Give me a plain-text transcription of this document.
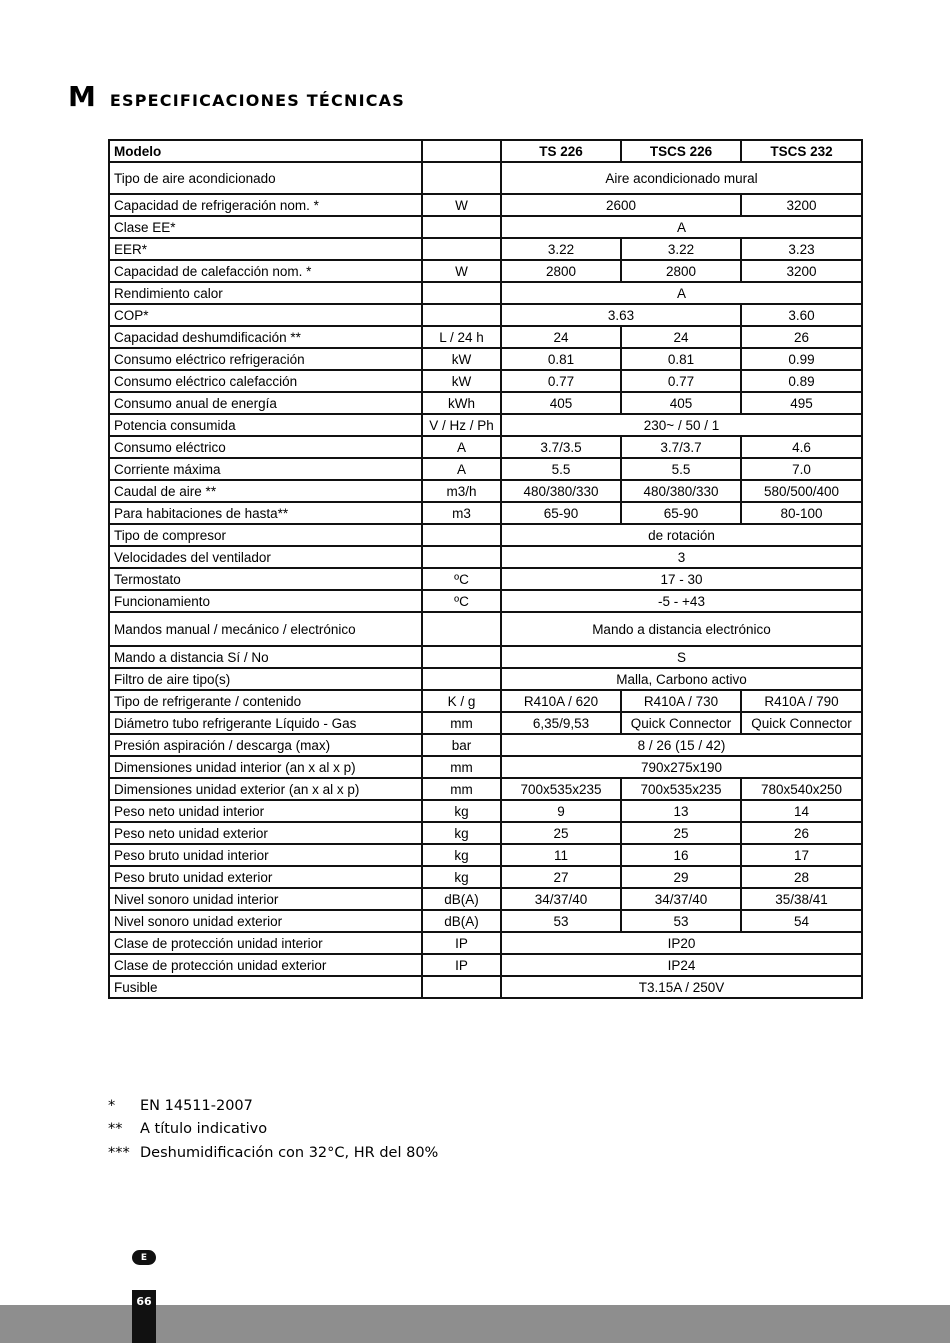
M ESPECIFICACIONES TÉCNICAS
Modelo		TS 226	TSCS 226	TSCS 232
Tipo de aire acondicionado		Aire acondicionado mural		
Capacidad de refrigeración nom. *	W	2600		3200
Clase EE*		A		
EER*		3.22	3.22	3.23
Capacidad de calefacción nom. *	W	2800	2800	3200
Rendimiento calor		A		
COP*		3.63		3.60
Capacidad deshumdificación **	L / 24 h	24	24	26
Consumo eléctrico refrigeración	kW	0.81	0.81	0.99
Consumo eléctrico calefacción	kW	0.77	0.77	0.89
Consumo anual de energía	kWh	405	405	495
Potencia consumida	V / Hz / Ph	230~ / 50 / 1		
Consumo eléctrico	A	3.7/3.5	3.7/3.7	4.6
Corriente máxima	A	5.5	5.5	7.0
Caudal de aire **	m3/h	480/380/330	480/380/330	580/500/400
Para habitaciones de hasta**	m3	65-90	65-90	80-100
Tipo de compresor		de rotación		
Velocidades del ventilador		3		
Termostato	ºC	17 - 30		
Funcionamiento	ºC	-5 - +43		
Mandos manual / mecánico / electrónico		Mando a distancia electrónico		
Mando a distancia Sí / No		S		
Filtro de aire tipo(s)		Malla, Carbono activo		
Tipo de refrigerante / contenido	K / g	R410A / 620	R410A / 730	R410A / 790
Diámetro tubo refrigerante Líquido - Gas	mm	6,35/9,53	Quick Connector	Quick Connector
Presión aspiración / descarga (max)	bar	8 / 26 (15 / 42)		
Dimensiones unidad interior (an x al x p)	mm	790x275x190		
Dimensiones unidad exterior (an x al x p)	mm	700x535x235	700x535x235	780x540x250
Peso neto unidad interior	kg	9	13	14
Peso neto unidad exterior	kg	25	25	26
Peso bruto unidad interior	kg	11	16	17
Peso bruto unidad exterior	kg	27	29	28
Nivel sonoro unidad interior	dB(A)	34/37/40	34/37/40	35/38/41
Nivel sonoro unidad exterior	dB(A)	53	53	54
Clase de protección unidad interior	IP	IP20		
Clase de protección unidad exterior	IP	IP24		
Fusible		T3.15A / 250V		
*	EN 14511-2007
**	A título indicativo
*** Deshumidificación con 32°C, HR del 80%
E
66
